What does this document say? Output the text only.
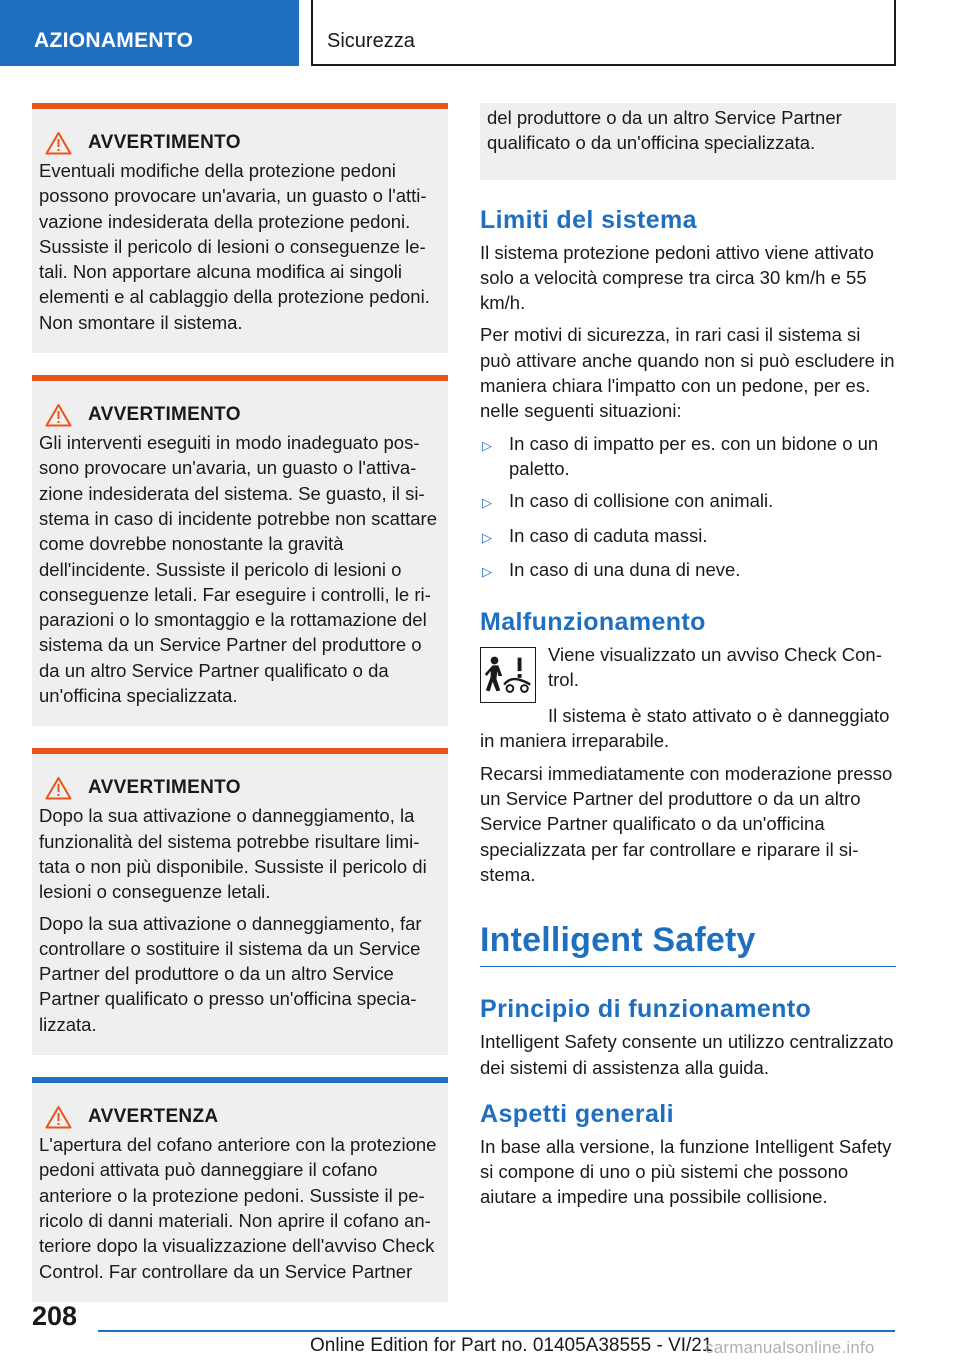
AZIONAMENTO	Sicurezza
AVVERTIMENTO

Eventuali modifiche della protezione pedoni possono provocare un'avaria, un guasto o l'attivazione indesiderata della protezione pedoni. Sussiste il pericolo di lesioni o conseguenze letali. Non apportare alcuna modifica ai singoli elementi e al cablaggio della protezione pedoni. Non smontare il sistema.

AVVERTIMENTO

Gli interventi eseguiti in modo inadeguato possono provocare un'avaria, un guasto o l'attivazione indesiderata del sistema. Se guasto, il sistema in caso di incidente potrebbe non scattare come dovrebbe nonostante la gravità dell'incidente. Sussiste il pericolo di lesioni o conseguenze letali. Far eseguire i controlli, le riparazioni o lo smontaggio e la rottamazione del sistema da un Service Partner del produttore o da un altro Service Partner qualificato o da un'officina specializzata.

AVVERTIMENTO

Dopo la sua attivazione o danneggiamento, la funzionalità del sistema potrebbe risultare limitata o non più disponibile. Sussiste il pericolo di lesioni o conseguenze letali.

Dopo la sua attivazione o danneggiamento, far controllare o sostituire il sistema da un Service Partner del produttore o da un altro Service Partner qualificato o presso un'officina specializzata.

AVVERTENZA

L'apertura del cofano anteriore con la protezione pedoni attivata può danneggiare il cofano anteriore o la protezione pedoni. Sussiste il pericolo di danni materiali. Non aprire il cofano anteriore dopo la visualizzazione dell'avviso Check Control. Far controllare da un Service Partner

del produttore o da un altro Service Partner qualificato o da un'officina specializzata.

Limiti del sistema

Il sistema protezione pedoni attivo viene attivato solo a velocità comprese tra circa 30 km/h e 55 km/h.

Per motivi di sicurezza, in rari casi il sistema si può attivare anche quando non si può escludere in maniera chiara l'impatto con un pedone, per es. nelle seguenti situazioni:

▷ In caso di impatto per es. con un bidone o un paletto.
▷ In caso di collisione con animali.
▷ In caso di caduta massi.
▷ In caso di una duna di neve.
Malfunzionamento

Viene visualizzato un avviso Check Control.

Il sistema è stato attivato o è danneggiato in maniera irreparabile.

Recarsi immediatamente con moderazione presso un Service Partner del produttore o da un altro Service Partner qualificato o da un'officina specializzata per far controllare e riparare il sistema.

Intelligent Safety
Principio di funzionamento

Intelligent Safety consente un utilizzo centralizzato dei sistemi di assistenza alla guida.

Aspetti generali

In base alla versione, la funzione Intelligent Safety si compone di uno o più sistemi che possono aiutare a impedire una possibile collisione.

208
Online Edition for Part no. 01405A38555 - VI/21
carmanualsonline.info
